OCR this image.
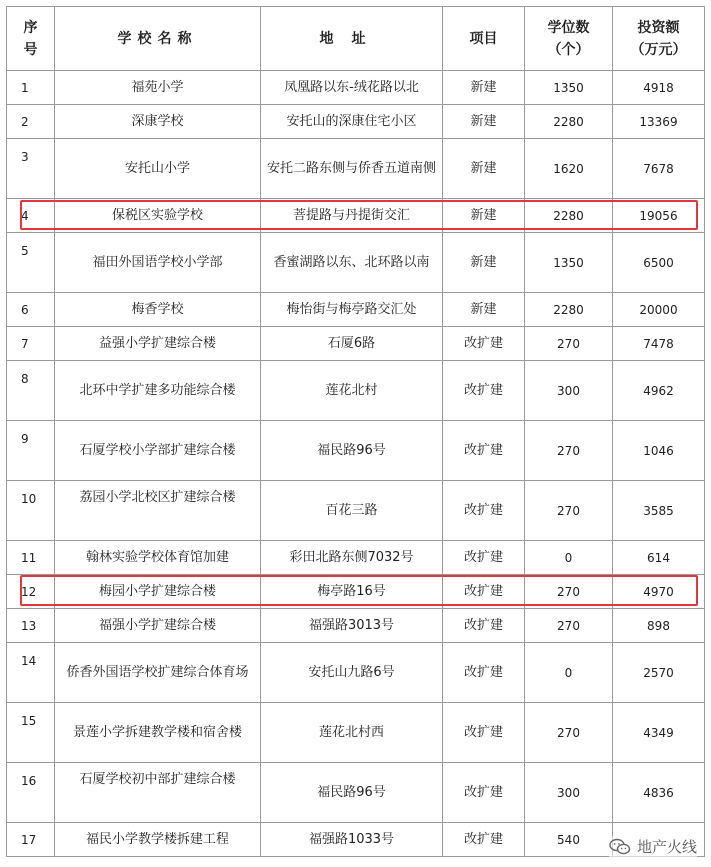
序号	学校名称	地址	项目	学位数（个）	投资额（万元）
1	福苑小学	凤凰路以东-绒花路以北	新建	1350	4918
2	深康学校	安托山的深康住宅小区	新建	2280	13369
3	安托山小学	安托二路东侧与侨香五道南侧	新建	1620	7678
4	保税区实验学校	菩提路与丹提街交汇	新建	2280	19056
5	福田外国语学校小学部	香蜜湖路以东、北环路以南	新建	1350	6500
6	梅香学校	梅怡街与梅亭路交汇处	新建	2280	20000
7	益强小学扩建综合楼	石厦6路	改扩建	270	7478
8	北环中学扩建多功能综合楼	莲花北村	改扩建	300	4962
9	石厦学校小学部扩建综合楼	福民路96号	改扩建	270	1046
10	荔园小学北校区扩建综合楼	百花三路	改扩建	270	3585
11	翰林实验学校体育馆加建	彩田北路东侧7032号	改扩建	0	614
12	梅园小学扩建综合楼	梅亭路16号	改扩建	270	4970
13	福强小学扩建综合楼	福强路3013号	改扩建	270	898
14	侨香外国语学校扩建综合体育场	安托山九路6号	改扩建	0	2570
15	景莲小学拆建教学楼和宿舍楼	莲花北村西	改扩建	270	4349
16	石厦学校初中部扩建综合楼	福民路96号	改扩建	300	4836
17	福民小学教学楼拆建工程	福强路1033号	改扩建	540		地产火线
